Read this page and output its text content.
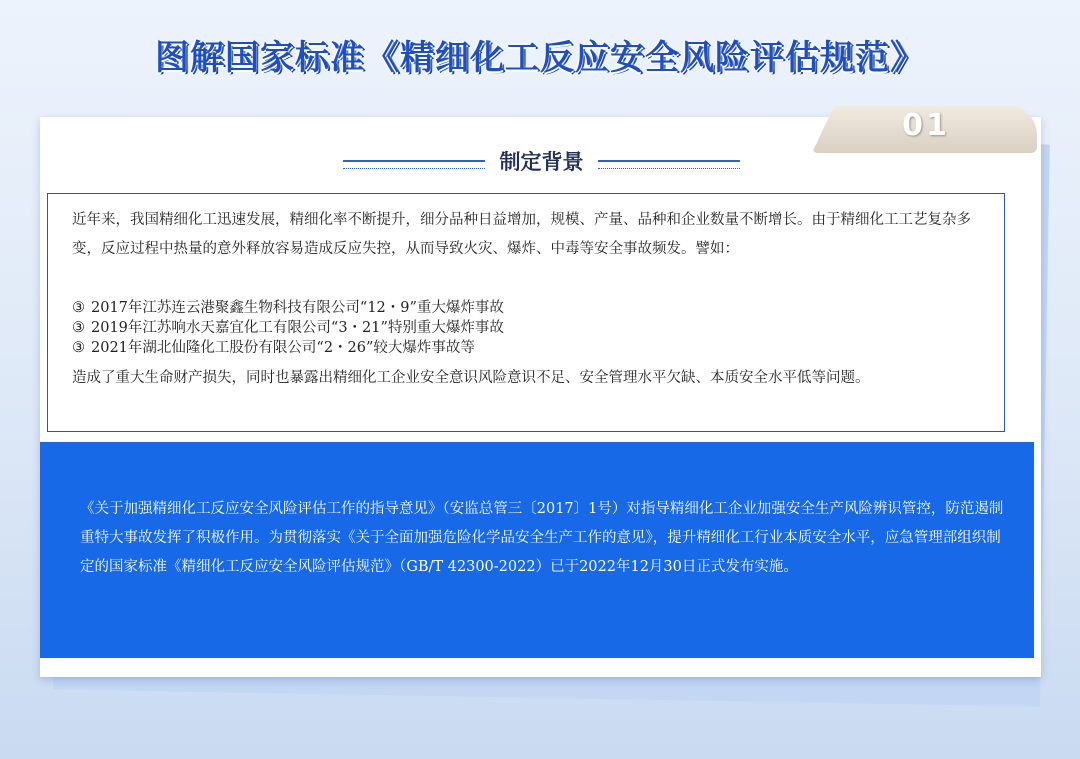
图解国家标准《精细化工反应安全风险评估规范》
01
制定背景

近年来，我国精细化工迅速发展，精细化率不断提升，细分品种日益增加，规模、产量、品种和企业数量不断增长。由于精细化工工艺复杂多变，反应过程中热量的意外释放容易造成反应失控，从而导致火灾、爆炸、中毒等安全事故频发。譬如：

③ 2017年江苏连云港聚鑫生物科技有限公司“12・9”重大爆炸事故
③ 2019年江苏响水天嘉宜化工有限公司“3・21”特别重大爆炸事故
③ 2021年湖北仙隆化工股份有限公司“2・26”较大爆炸事故等

造成了重大生命财产损失，同时也暴露出精细化工企业安全意识风险意识不足、安全管理水平欠缺、本质安全水平低等问题。

《关于加强精细化工反应安全风险评估工作的指导意见》（安监总管三〔2017〕1号）对指导精细化工企业加强安全生产风险辨识管控，防范遏制重特大事故发挥了积极作用。为贯彻落实《关于全面加强危险化学品安全生产工作的意见》，提升精细化工行业本质安全水平，应急管理部组织制定的国家标准《精细化工反应安全风险评估规范》（GB/T 42300-2022）已于2022年12月30日正式发布实施。
